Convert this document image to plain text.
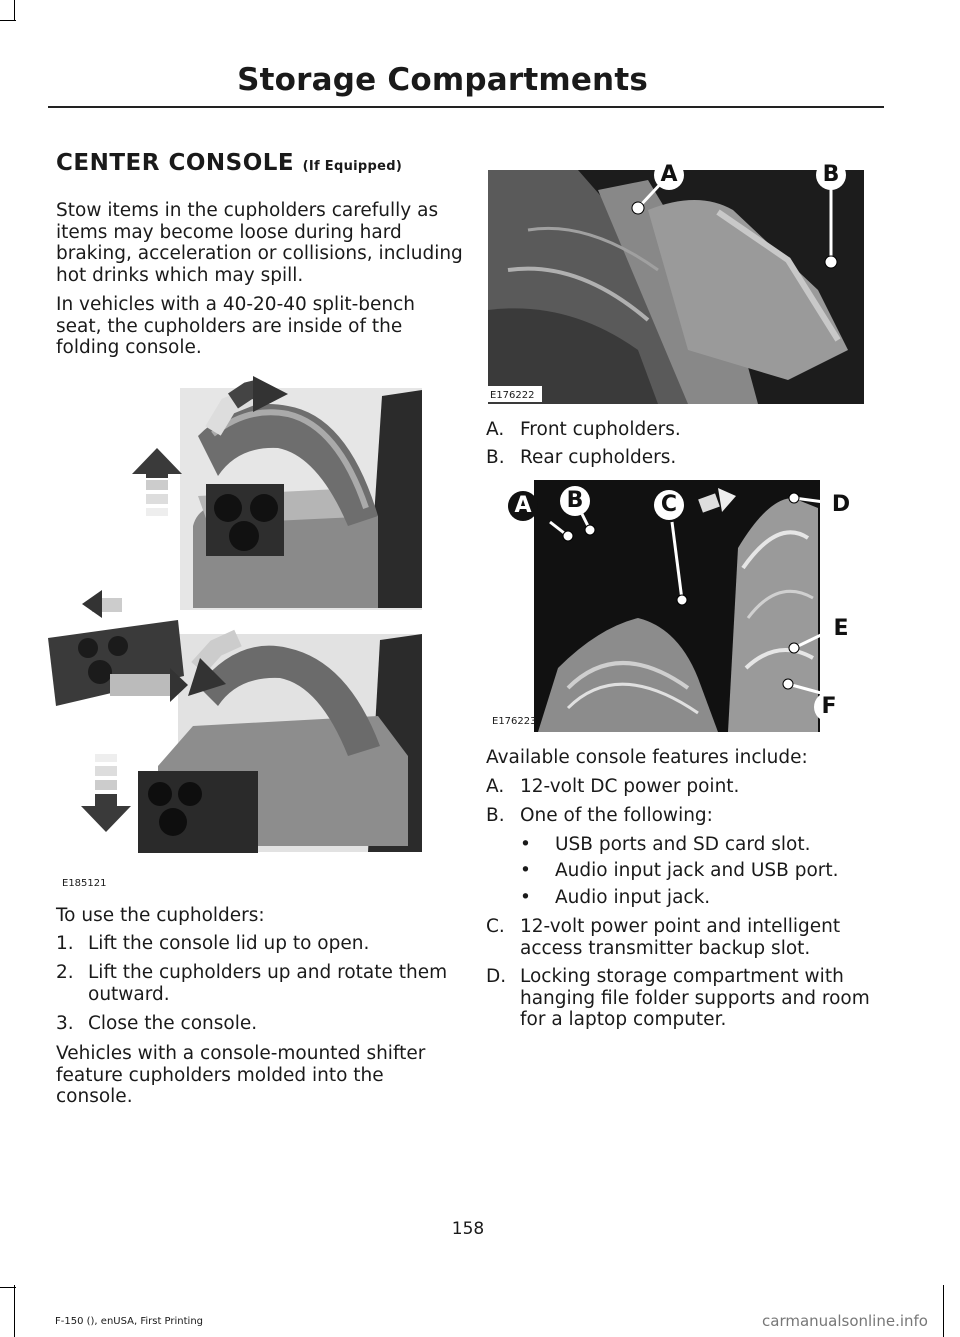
Storage Compartments
CENTER CONSOLE (If Equipped)

Stow items in the cupholders carefully as
items may become loose during hard
braking, acceleration or collisions, including
hot drinks which may spill.

In vehicles with a 40-20-40 split-bench
seat, the cupholders are inside of the
folding console.

E185121

To use the cupholders:

1. Lift the console lid up to open.
2. Lift the cupholders up and rotate them
outward.
3. Close the console.

Vehicles with a console-mounted shifter
feature cupholders molded into the
console.

A	B
E176222
A. Front cupholders.
B. Rear cupholders.
A	B	C	D
E
F
E176223

Available console features include:

A. 12-volt DC power point.
B. One of the following:
• USB ports and SD card slot.
• Audio input jack and USB port.
• Audio input jack.
C. 12-volt power point and intelligent
access transmitter backup slot.
D. Locking storage compartment with
hanging file folder supports and room
for a laptop computer.
158
F-150 (), enUSA, First Printing	carmanualsonline.info
